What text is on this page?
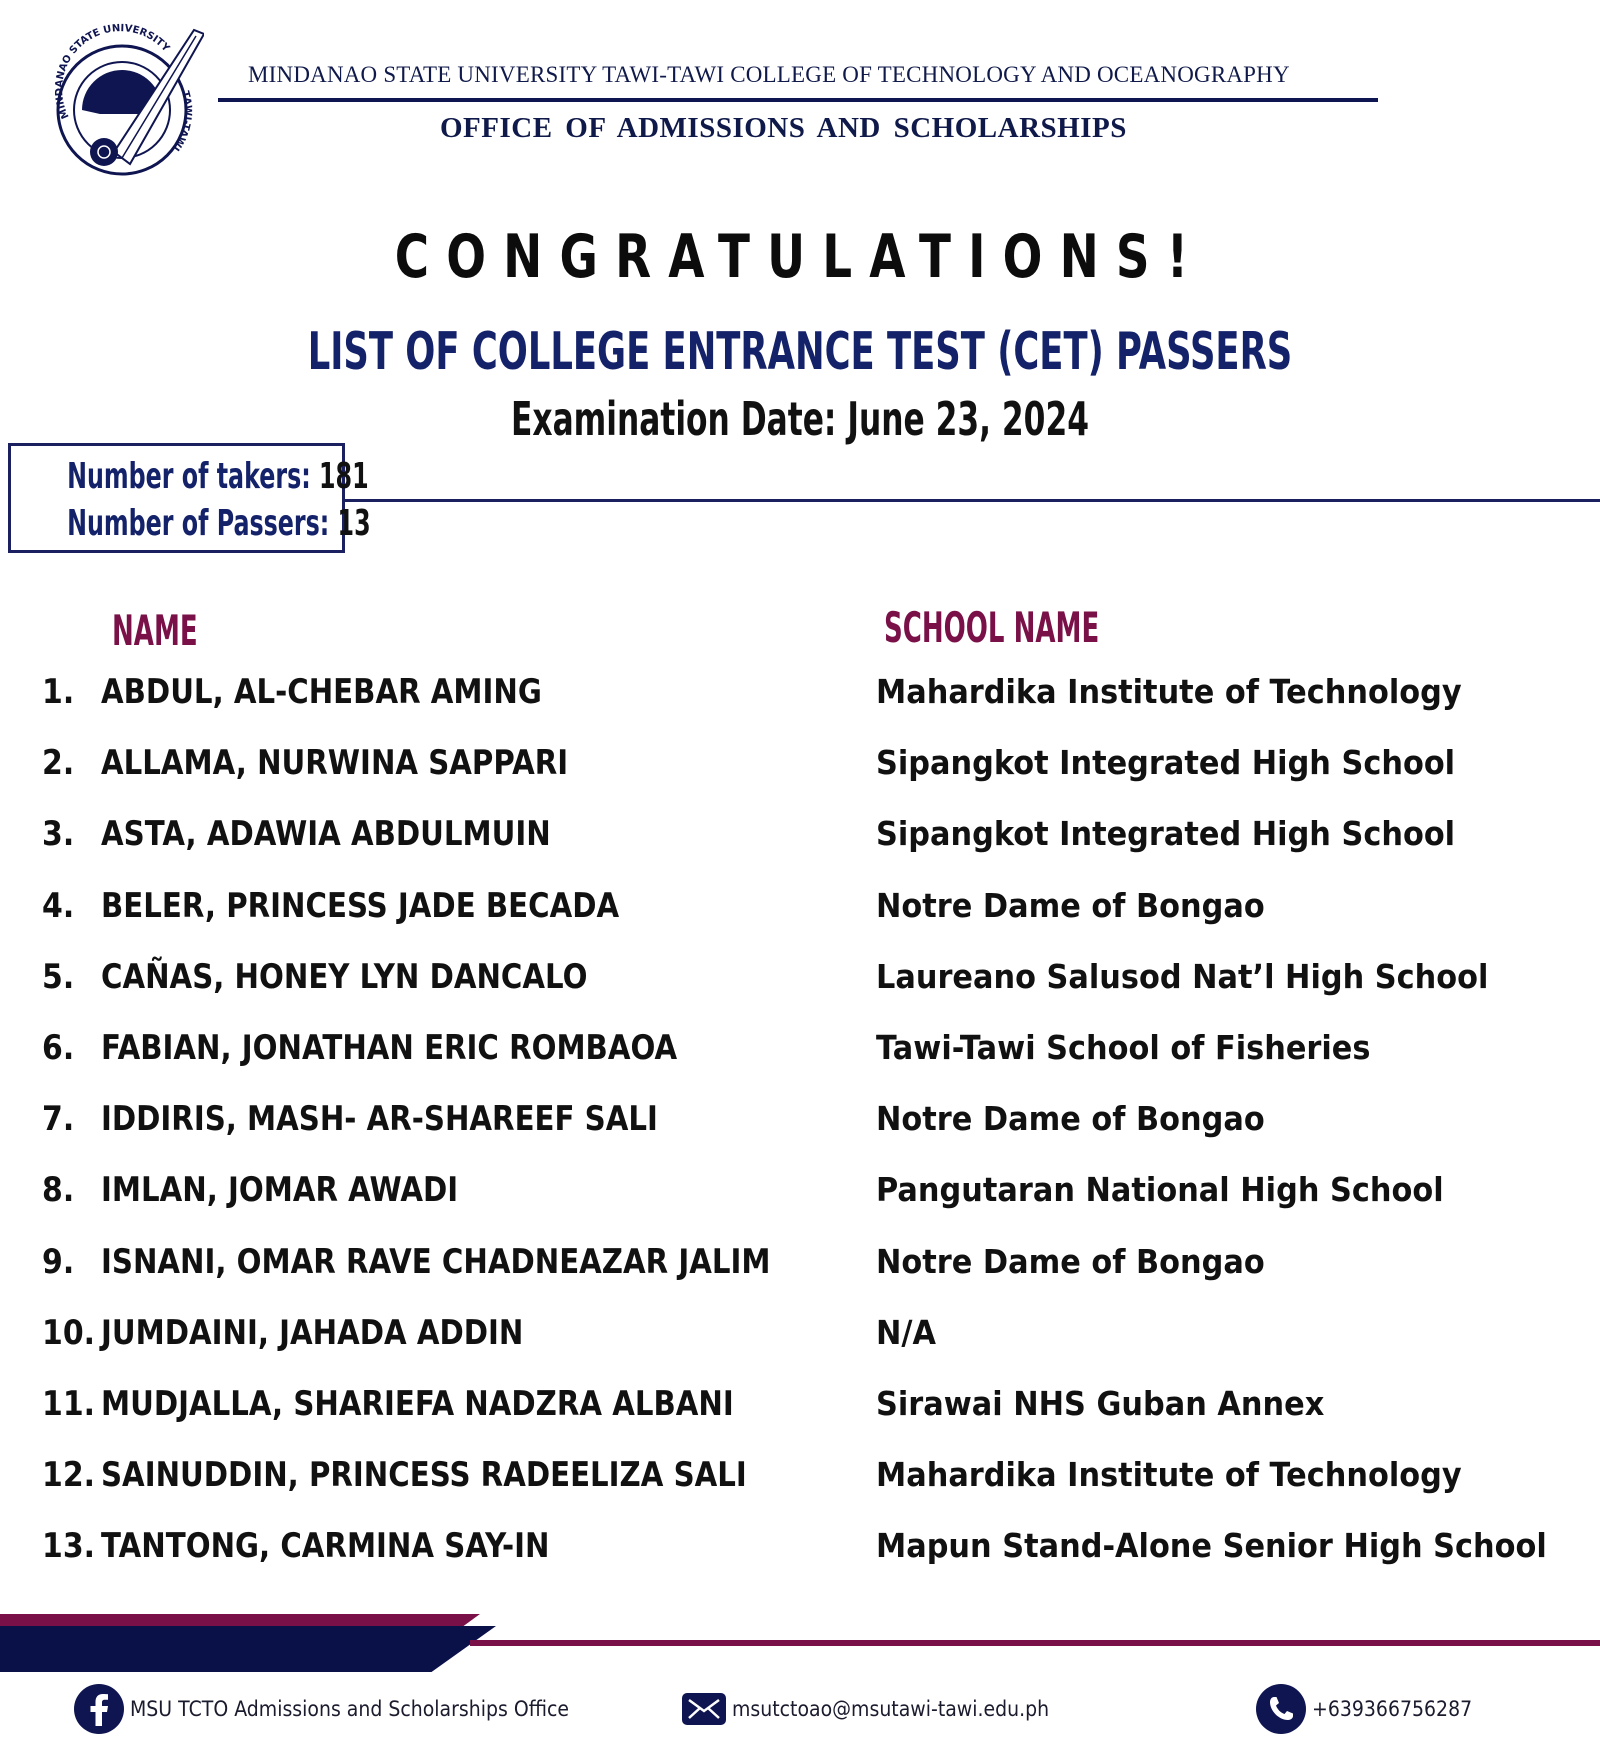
MINDANAO STATE UNIVERSITY
TAWI-TAWI
MINDANAO STATE UNIVERSITY TAWI-TAWI COLLEGE OF TECHNOLOGY AND OCEANOGRAPHY
OFFICE OF ADMISSIONS AND SCHOLARSHIPS
CONGRATULATIONS!
LIST OF COLLEGE ENTRANCE TEST (CET) PASSERS
Examination Date: June 23, 2024
Number of takers: 181
Number of Passers: 13
NAME	SCHOOL NAME
1. ABDUL, AL-CHEBAR AMING	Mahardika Institute of Technology
2. ALLAMA, NURWINA SAPPARI	Sipangkot Integrated High School
3. ASTA, ADAWIA ABDULMUIN	Sipangkot Integrated High School
4. BELER, PRINCESS JADE BECADA	Notre Dame of Bongao
5. CAÑAS, HONEY LYN DANCALO	Laureano Salusod Nat’l High School
6. FABIAN, JONATHAN ERIC ROMBAOA	Tawi-Tawi School of Fisheries
7. IDDIRIS, MASH- AR-SHAREEF SALI	Notre Dame of Bongao
8. IMLAN, JOMAR AWADI	Pangutaran National High School
9. ISNANI, OMAR RAVE CHADNEAZAR JALIM	Notre Dame of Bongao
10. JUMDAINI, JAHADA ADDIN	N/A
11. MUDJALLA, SHARIEFA NADZRA ALBANI	Sirawai NHS Guban Annex
12. SAINUDDIN, PRINCESS RADEELIZA SALI	Mahardika Institute of Technology
13. TANTONG, CARMINA SAY-IN	Mapun Stand-Alone Senior High School
MSU TCTO Admissions and Scholarships Office	msutctoao@msutawi-tawi.edu.ph	+639366756287
